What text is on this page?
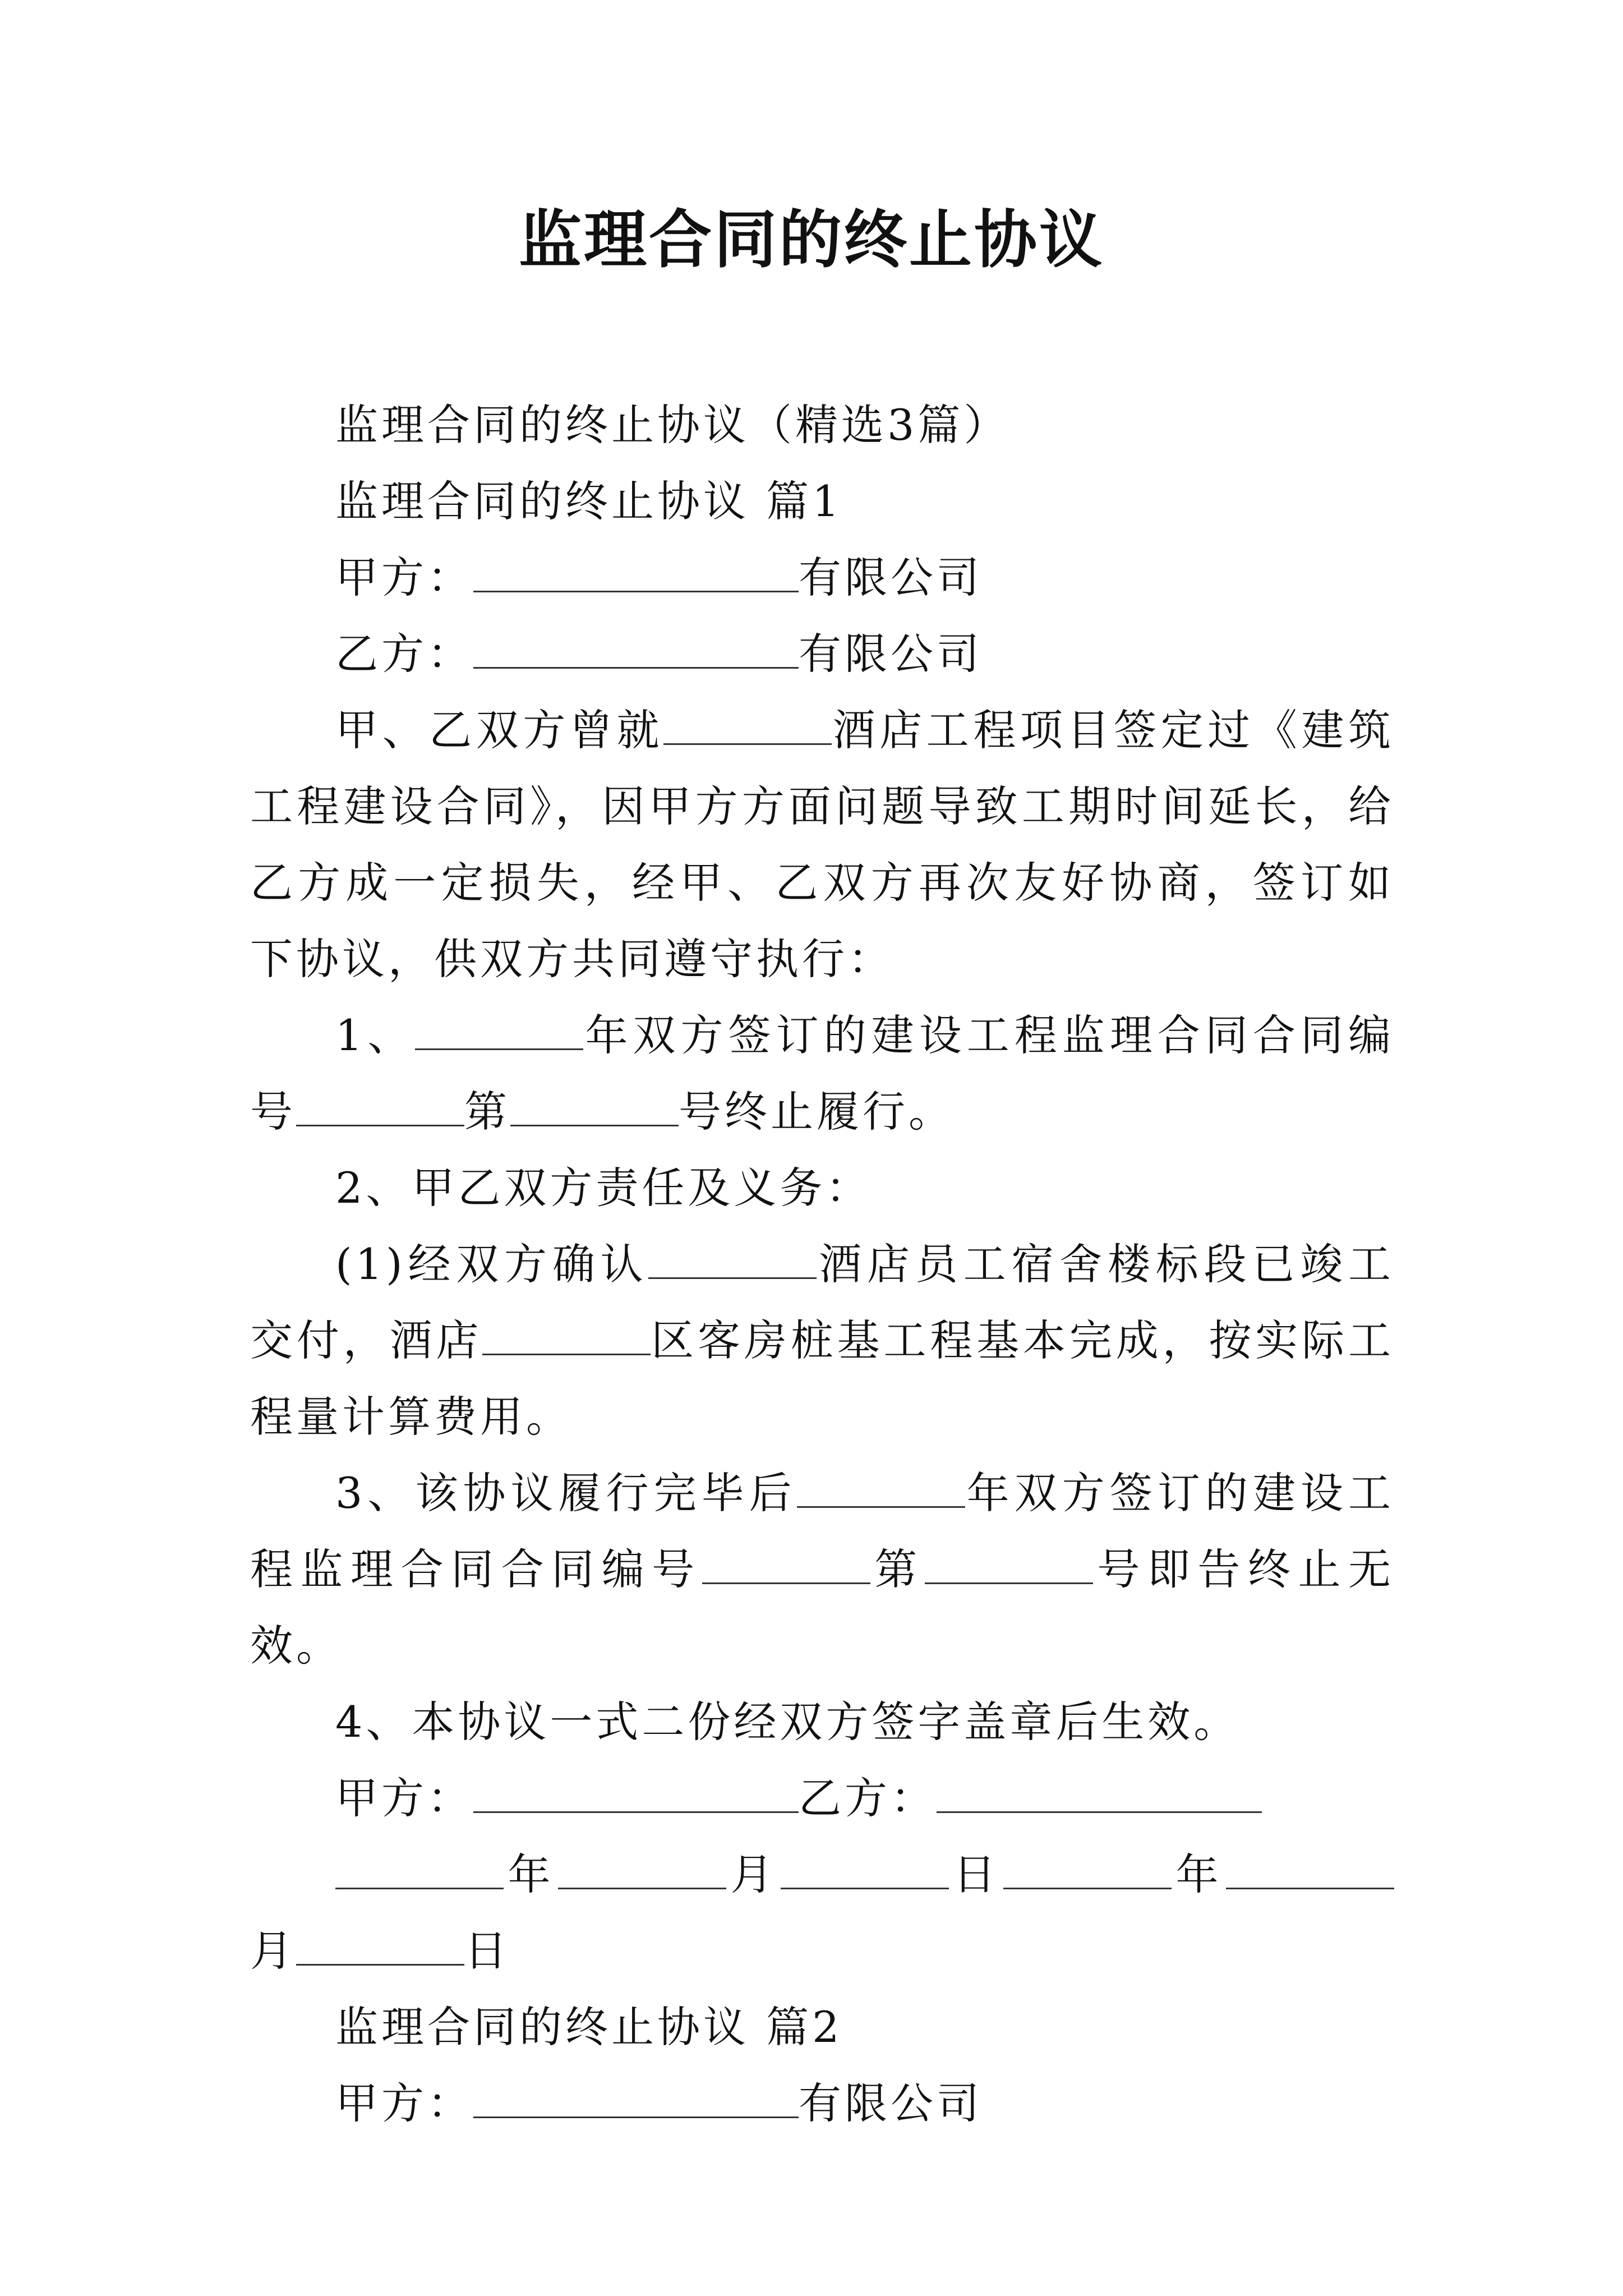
监理合同的终止协议

监理合同的终止协议（精选3篇）

监理合同的终止协议 篇1

甲方：	有限公司

乙方：	有限公司

甲、乙双方曾就	酒店工程项目签定过《建筑工程建设合同》，因甲方方面问题导致工期时间延长，给乙方成一定损失，经甲、乙双方再次友好协商，签订如下协议，供双方共同遵守执行：

1、	年双方签订的建设工程监理合同合同编号	第	号终止履行。

2、甲乙双方责任及义务：

(1)经双方确认	酒店员工宿舍楼标段已竣工交付，酒店	区客房桩基工程基本完成，按实际工程量计算费用。

3、该协议履行完毕后	年双方签订的建设工程监理合同合同编号	第	号即告终止无效。

4、本协议一式二份经双方签字盖章后生效。

甲方：	乙方：

年	月	日	年月	日

监理合同的终止协议 篇2

甲方：	有限公司
